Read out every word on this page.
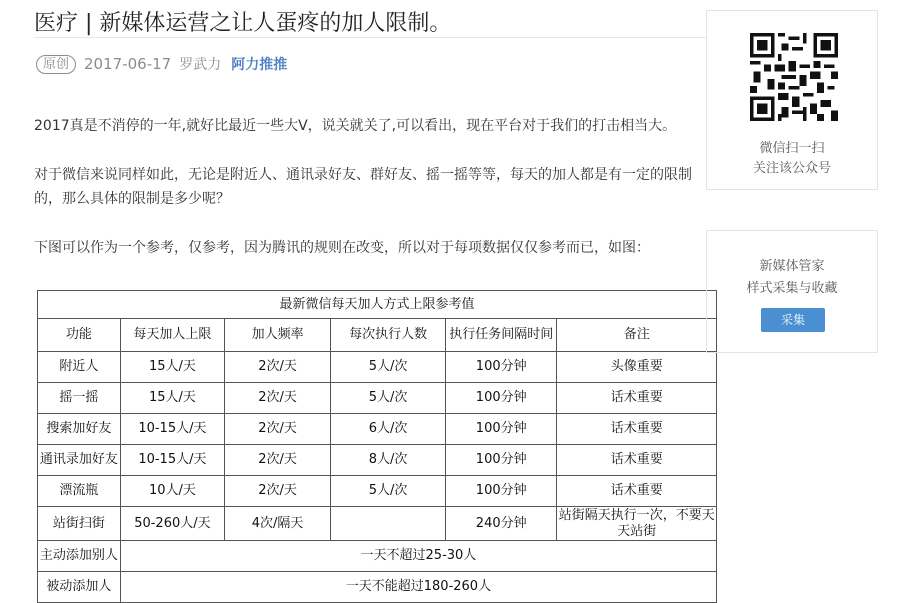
医疗 | 新媒体运营之让人蛋疼的加人限制。
原创	2017-06-17 罗武力 阿力推推

2017真是不消停的一年,就好比最近一些大V，说关就关了,可以看出，现在平台对于我们的打击相当大。

对于微信来说同样如此，无论是附近人、通讯录好友、群好友、摇一摇等等，每天的加人都是有一定的限制的，那么具体的限制是多少呢？

下图可以作为一个参考，仅参考，因为腾讯的规则在改变，所以对于每项数据仅仅参考而已，如图：

最新微信每天加人方式上限参考值					
功能	每天加人上限	加人频率	每次执行人数	执行任务间隔时间	备注
附近人	15人/天	2次/天	5人/次	100分钟	头像重要
摇一摇	15人/天	2次/天	5人/次	100分钟	话术重要
搜索加好友	10-15人/天	2次/天	6人/次	100分钟	话术重要
通讯录加好友	10-15人/天	2次/天	8人/次	100分钟	话术重要
漂流瓶	10人/天	2次/天	5人/次	100分钟	话术重要
站街扫街	50-260人/天	4次/隔天		240分钟	站街隔天执行一次，不要天天站街
主动添加别人	一天不超过25-30人				
被动添加人	一天不能超过180-260人				
微信扫一扫
关注该公众号
新媒体管家
样式采集与收藏
采集
